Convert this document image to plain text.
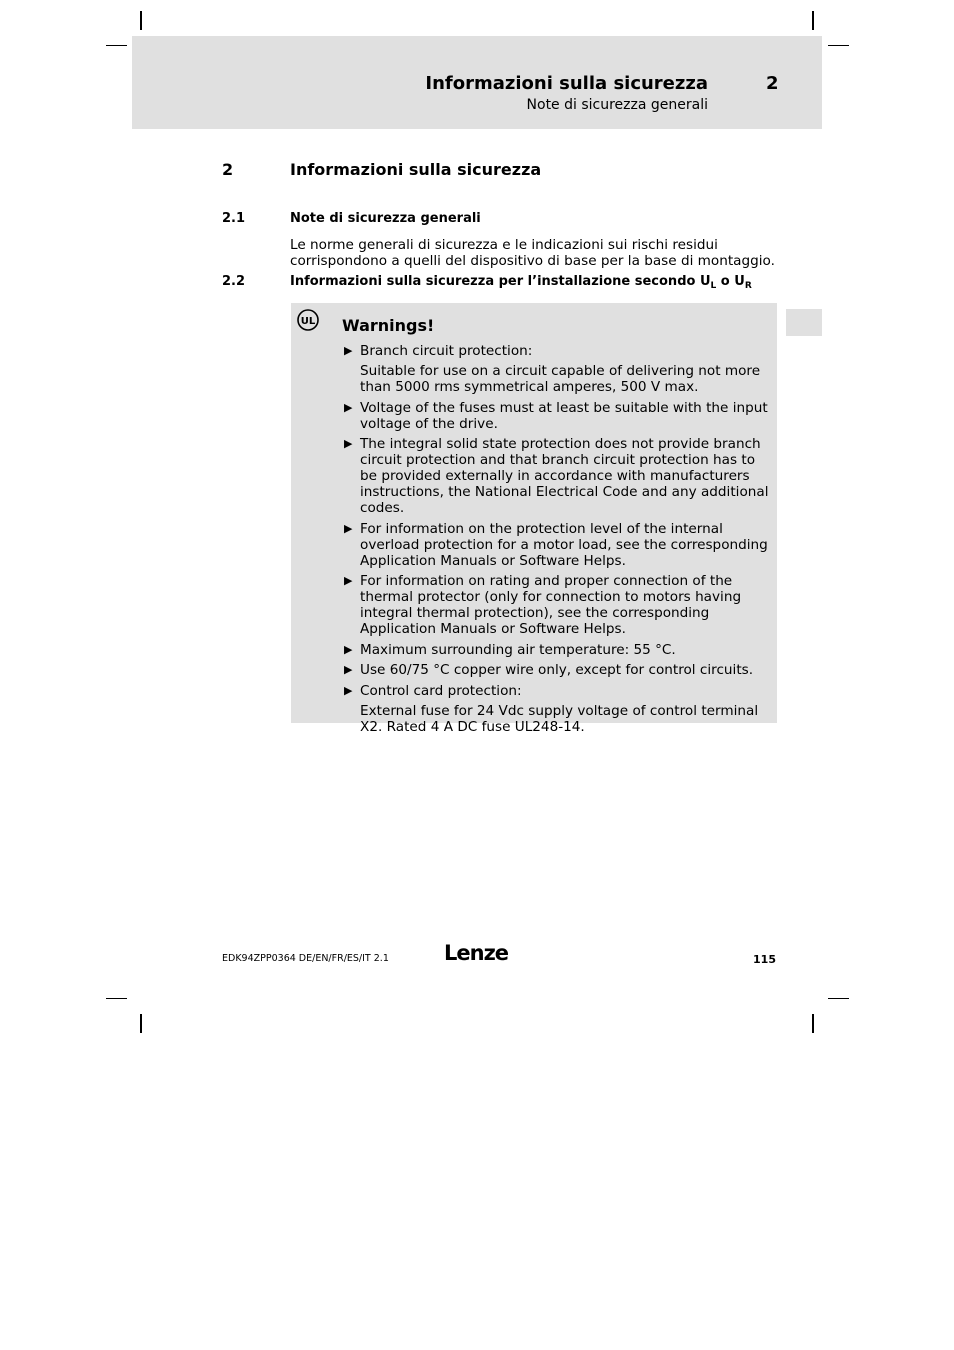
Informazioni sulla sicurezza	2
Note di sicurezza generali
2	Informazioni sulla sicurezza
2.1	Note di sicurezza generali
Le norme generali di sicurezza e le indicazioni sui rischi residui corrispondono a quelli del dispositivo di base per la base di montaggio.
2.2	Informazioni sulla sicurezza per l’installazione secondo $U_L$ o $U_R$
UL Warnings!
▶ Branch circuit protection:
Suitable for use on a circuit capable of delivering not more than 5000 rms symmetrical amperes, 500 V max.
▶ Voltage of the fuses must at least be suitable with the input voltage of the drive.
▶ The integral solid state protection does not provide branch circuit protection and that branch circuit protection has to be provided externally in accordance with manufacturers instructions, the National Electrical Code and any additional codes.
▶ For information on the protection level of the internal overload protection for a motor load, see the corresponding Application Manuals or Software Helps.
▶ For information on rating and proper connection of the thermal protector (only for connection to motors having integral thermal protection), see the corresponding Application Manuals or Software Helps.
▶ Maximum surrounding air temperature: 55 °C.
▶ Use 60/75 °C copper wire only, except for control circuits.
▶ Control card protection:
External fuse for 24 Vdc supply voltage of control terminal X2. Rated 4 A DC fuse UL248-14.
EDK94ZPP0364 DE/EN/FR/ES/IT 2.1	Lenze	115
